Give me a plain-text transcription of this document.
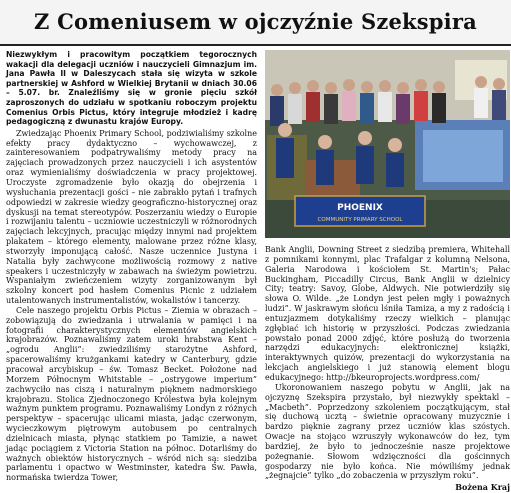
Z Comeniusem w ojczyźnie Szekspira

Niezwykłym i pracowitym początkiem tegorocznych wakacji dla delegacji uczniów i nauczycieli Gimnazjum im. Jana Pawła II w Daleszycach stała się wizyta w szkole partnerskiej w Ashford w Wielkiej Brytanii w dniach 30.06 – 5.07. br. Znaleźliśmy się w gronie pięciu szkół zaproszonych do udziału w spotkaniu roboczym projektu Comenius Orbis Pictus, który integruje młodzież i kadrę pedagogiczną z dwunastu krajów Europy.

Zwiedzając Phoenix Primary School, podziwialiśmy szkolne efekty pracy dydaktyczno – wychowawczej, z zainteresowaniem podpatrywaliśmy metody pracy na zajęciach prowadzonych przez nauczycieli i ich asystentów oraz wymienialiśmy doświadczenia w pracy projektowej. Uroczyste zgromadzenie było okazją do obejrzenia i wysłuchania prezentacji gości – nie zabrakło pytań i trafnych odpowiedzi w zakresie wiedzy geograficzno-historycznej oraz dyskusji na temat stereotypów. Poszerzaniu wiedzy o Europie i rozwijaniu talentu – uczniowie uczestniczyli w różnorodnych zajęciach lekcyjnych, pracując między innymi nad projektem plakatem – którego elementy, malowane przez różne klasy, stworzyły imponującą całość. Nasze uczennice Justyna i Natalia były zachwycone możliwością rozmowy z native speakers i uczestniczyły w zabawach na świeżym powietrzu. Wspaniałym zwieńczeniem wizyty zorganizowanym był szkolny koncert pod hasłem Comenius Picnic z udziałem utalentowanych instrumentalistów, wokalistów i tancerzy.

Cele naszego projektu Orbis Pictus – Ziemia w obrazach – zobowiązują do zwiedzania i utrwalania w pamięci i na fotografii charakterystycznych elementów angielskich krajobrazów. Poznawaliśmy zatem uroki hrabstwa Kent – „ogrodu Anglii”: zwiedziliśmy starożytne Ashford, spacerowaliśmy krużgankami katedry w Canterbury, gdzie pracował arcybiskup – św. Tomasz Becket. Położone nad Morzem Północnym Whitstable – „ostrygowe imperium” zachwyciło nas ciszą i naturalnym pięknem nadmorskiego krajobrazu. Stolica Zjednoczonego Królestwa była kolejnym ważnym punktem programu. Poznawaliśmy Londyn z różnych perspektyw – spacerując ulicami miasta, jadąc czerwonym, wycieczkowym piętrowym autobusem po centralnych dzielnicach miasta, płynąc statkiem po Tamizie, a nawet jadąc pociągiem z Victoria Station na północ. Dotarliśmy do ważnych obiektów historycznych – wśród nich są: siedziba parlamentu i opactwo w Westminster, katedra Św. Pawła, normańska twierdza Tower,

PHOENIX
COMMUNITY PRIMARY SCHOOL

Bank Anglii, Downing Street z siedzibą premiera, Whitehall z pomnikami konnymi, plac Trafalgar z kolumną Nelsona, Galeria Narodowa i kościołem St. Martin's; Pałac Buckingham, Piccadilly Circus, Bank Anglii w dzielnicy City; teatry: Savoy, Globe, Aldwych. Nie potwierdziły się słowa O. Wilde. „że Londyn jest pełen mgły i poważnych ludzi”. W jaskrawym słońcu lśniła Tamiza, a my z radością i entuzjazmem dotykaliśmy rzeczy wielkich – planując zgłębiać ich historię w przyszłości. Podczas zwiedzania powstało ponad 2000 zdjęć, które posłużą do tworzenia narzędzi edukacyjnych: elektronicznej książki, interaktywnych quizów, prezentacji do wykorzystania na lekcjach angielskiego i już stanowią element blogu edukacyjnego: http://bkeuroprojects.wordpress.com/

Ukoronowaniem naszego pobytu w Anglii, jak na ojczyznę Szekspira przystało, był niezwykły spektakl – „Macbeth”. Poprzedzony szkoleniem początkującym, stał się duchową ucztą – świetnie opracowany muzycznie i bardzo pięknie zagrany przez uczniów klas szóstych. Owacje na stojąco wzruszyły wykonawców do łez, tym bardziej, że było to jednocześnie nasze projektowe pożegnanie. Słowom wdzięczności dla gościnnych gospodarzy nie było końca. Nie mówiliśmy jednak „żegnajcie” tylko „do zobaczenia w przyszłym roku”.

Bożena Kraj
